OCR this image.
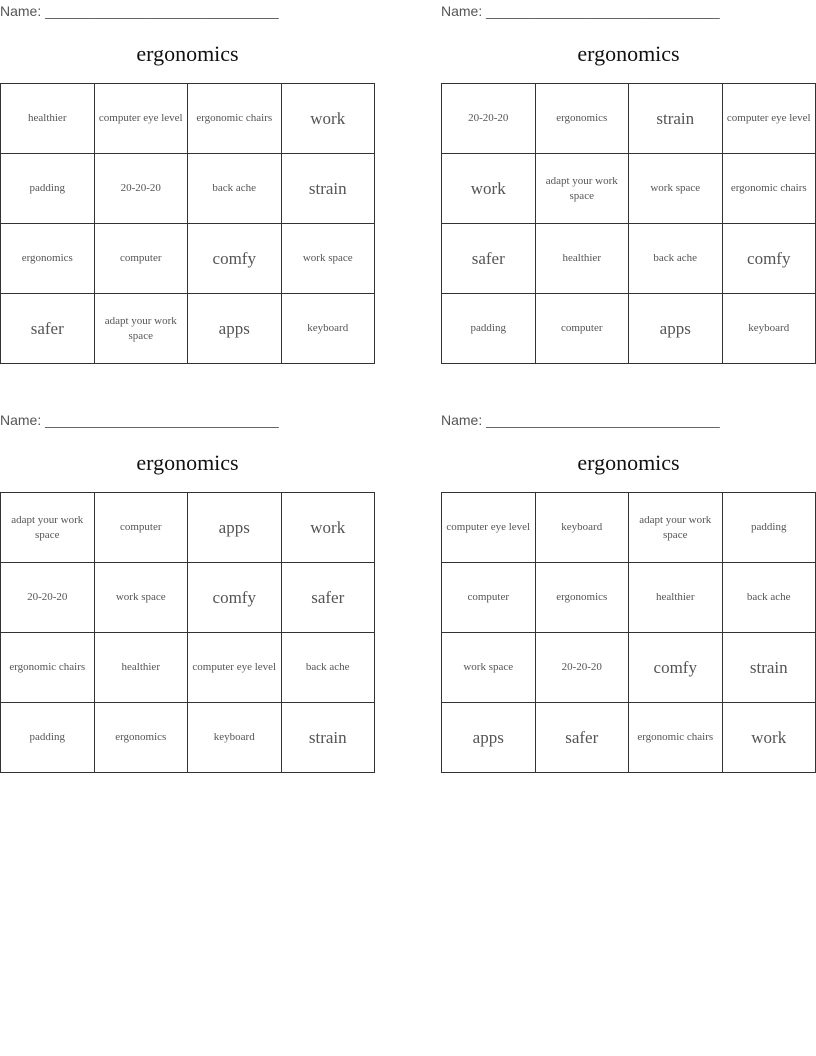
Name: ______________________________
ergonomics
healthier	computer eye level	ergonomic chairs	work
padding	20-20-20	back ache	strain
ergonomics	computer	comfy	work space
safer	adapt your work space	apps	keyboard
Name: ______________________________
ergonomics
20-20-20	ergonomics	strain	computer eye level
work	adapt your work space	work space	ergonomic chairs
safer	healthier	back ache	comfy
padding	computer	apps	keyboard
Name: ______________________________
ergonomics
adapt your work space	computer	apps	work
20-20-20	work space	comfy	safer
ergonomic chairs	healthier	computer eye level	back ache
padding	ergonomics	keyboard	strain
Name: ______________________________
ergonomics
computer eye level	keyboard	adapt your work space	padding
computer	ergonomics	healthier	back ache
work space	20-20-20	comfy	strain
apps	safer	ergonomic chairs	work
